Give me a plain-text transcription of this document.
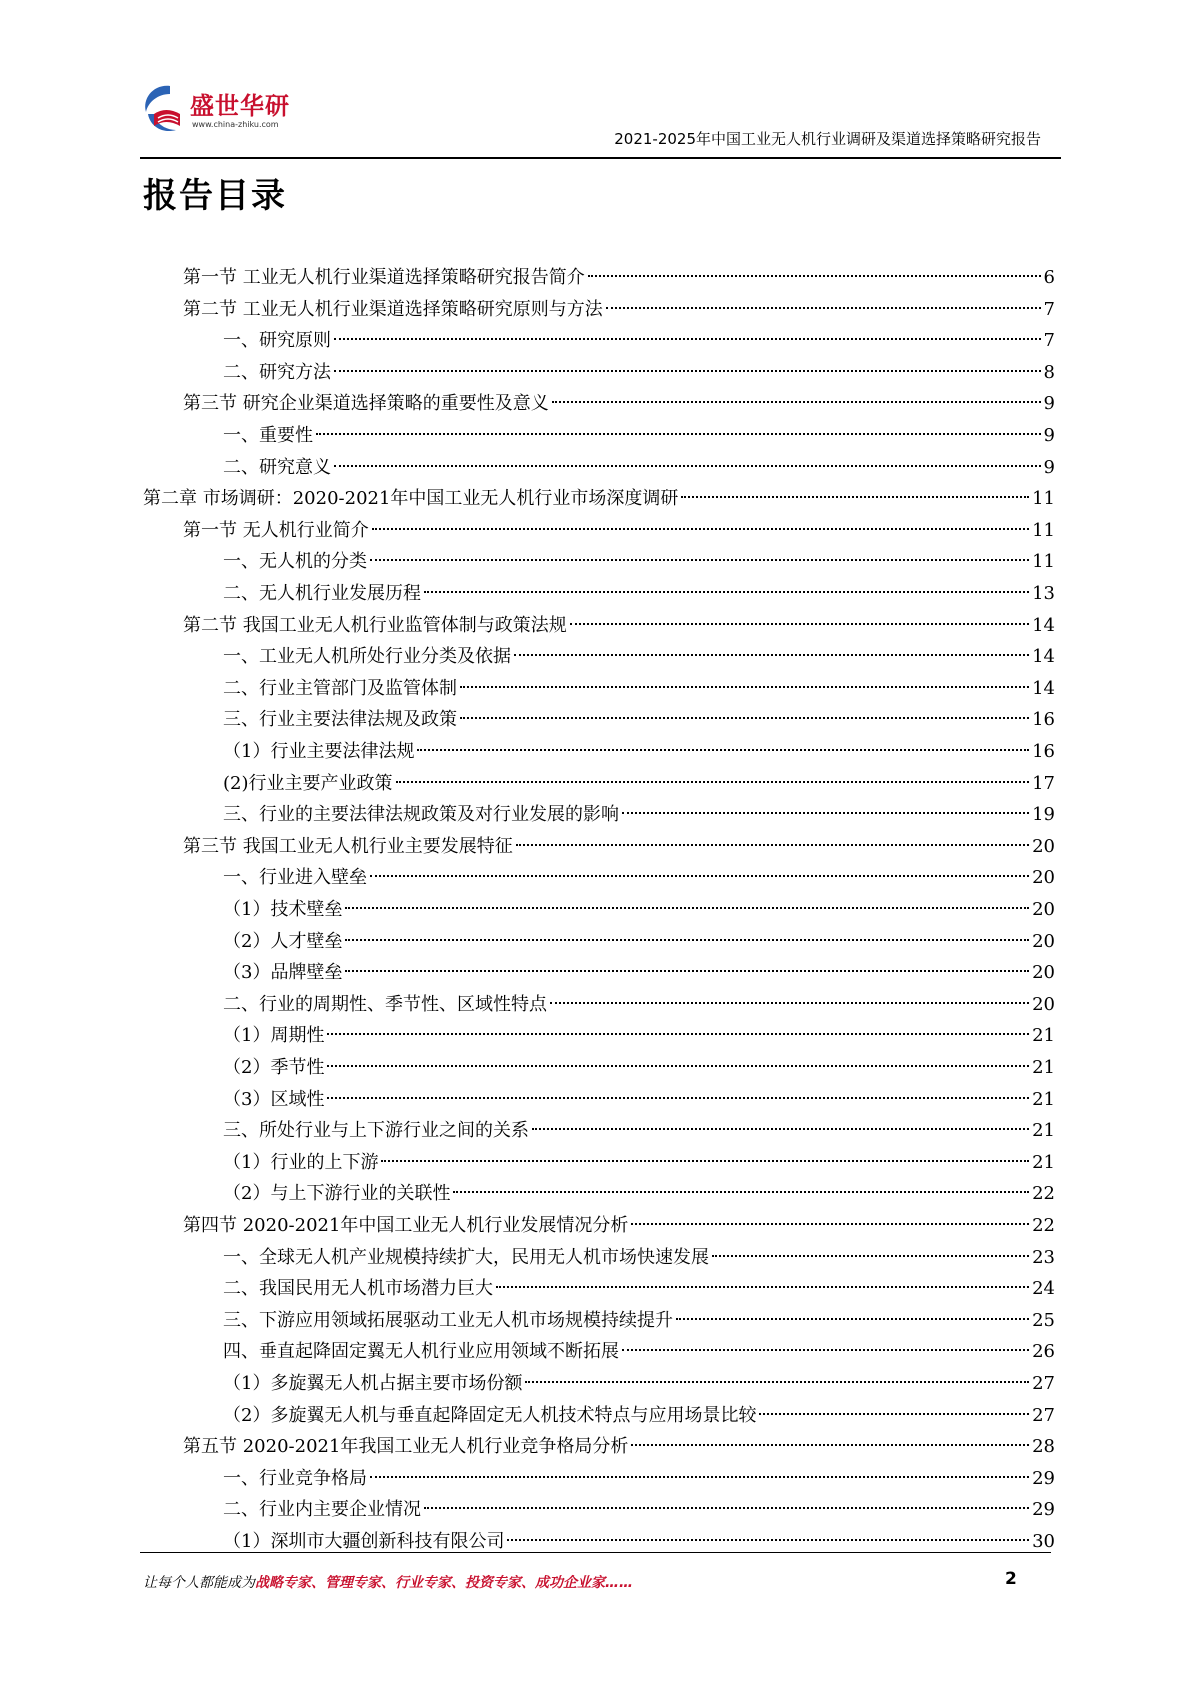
盛世华研
www.china-zhiku.com
2021-2025年中国工业无人机行业调研及渠道选择策略研究报告
报告目录
第一节 工业无人机行业渠道选择策略研究报告简介	6
第二节 工业无人机行业渠道选择策略研究原则与方法	7
一、研究原则	7
二、研究方法	8
第三节 研究企业渠道选择策略的重要性及意义	9
一、重要性	9
二、研究意义	9
第二章 市场调研：2020-2021年中国工业无人机行业市场深度调研	11
第一节 无人机行业简介	11
一、无人机的分类	11
二、无人机行业发展历程	13
第二节 我国工业无人机行业监管体制与政策法规	14
一、工业无人机所处行业分类及依据	14
二、行业主管部门及监管体制	14
三、行业主要法律法规及政策	16
（1）行业主要法律法规	16
(2)行业主要产业政策	17
三、行业的主要法律法规政策及对行业发展的影响	19
第三节 我国工业无人机行业主要发展特征	20
一、行业进入壁垒	20
（1）技术壁垒	20
（2）人才壁垒	20
（3）品牌壁垒	20
二、行业的周期性、季节性、区域性特点	20
（1）周期性	21
（2）季节性	21
（3）区域性	21
三、所处行业与上下游行业之间的关系	21
（1）行业的上下游	21
（2）与上下游行业的关联性	22
第四节 2020-2021年中国工业无人机行业发展情况分析	22
一、全球无人机产业规模持续扩大，民用无人机市场快速发展	23
二、我国民用无人机市场潜力巨大	24
三、下游应用领域拓展驱动工业无人机市场规模持续提升	25
四、垂直起降固定翼无人机行业应用领域不断拓展	26
（1）多旋翼无人机占据主要市场份额	27
（2）多旋翼无人机与垂直起降固定无人机技术特点与应用场景比较	27
第五节 2020-2021年我国工业无人机行业竞争格局分析	28
一、行业竞争格局	29
二、行业内主要企业情况	29
（1）深圳市大疆创新科技有限公司	30
让每个人都能成为战略专家、管理专家、行业专家、投资专家、成功企业家……	2
